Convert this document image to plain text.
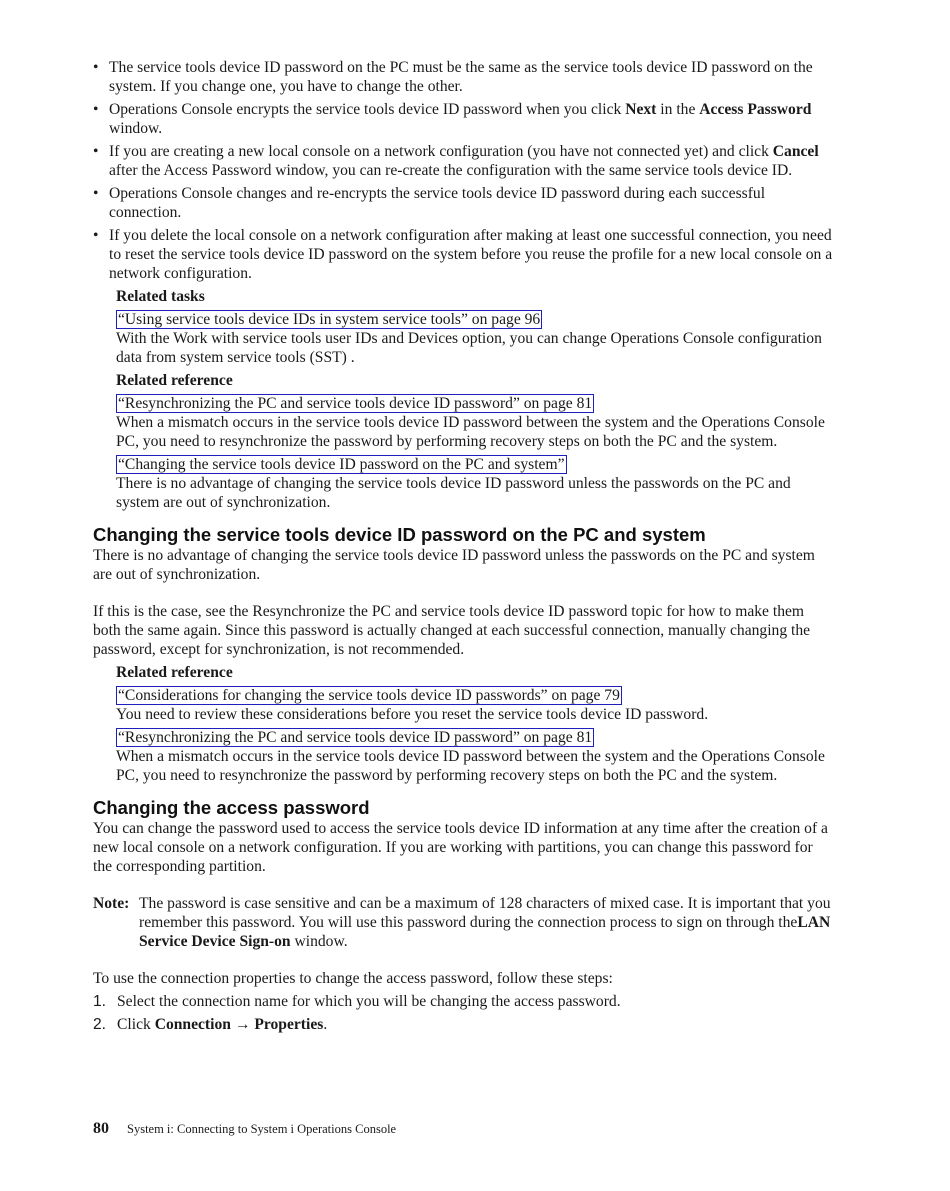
• The service tools device ID password on the PC must be the same as the service tools device ID password on the system. If you change one, you have to change the other.
• Operations Console encrypts the service tools device ID password when you click Next in the Access Password window.
• If you are creating a new local console on a network configuration (you have not connected yet) and click Cancel after the Access Password window, you can re-create the configuration with the same service tools device ID.
• Operations Console changes and re-encrypts the service tools device ID password during each successful connection.
• If you delete the local console on a network configuration after making at least one successful connection, you need to reset the service tools device ID password on the system before you reuse the profile for a new local console on a network configuration.
Related tasks
“Using service tools device IDs in system service tools” on page 96
With the Work with service tools user IDs and Devices option, you can change Operations Console configuration data from system service tools (SST) .
Related reference
“Resynchronizing the PC and service tools device ID password” on page 81
When a mismatch occurs in the service tools device ID password between the system and the Operations Console PC, you need to resynchronize the password by performing recovery steps on both the PC and the system.
“Changing the service tools device ID password on the PC and system”
There is no advantage of changing the service tools device ID password unless the passwords on the PC and system are out of synchronization.
Changing the service tools device ID password on the PC and system

There is no advantage of changing the service tools device ID password unless the passwords on the PC and system are out of synchronization.

If this is the case, see the Resynchronize the PC and service tools device ID password topic for how to make them both the same again. Since this password is actually changed at each successful connection, manually changing the password, except for synchronization, is not recommended.

Related reference
“Considerations for changing the service tools device ID passwords” on page 79
You need to review these considerations before you reset the service tools device ID password.
“Resynchronizing the PC and service tools device ID password” on page 81
When a mismatch occurs in the service tools device ID password between the system and the Operations Console PC, you need to resynchronize the password by performing recovery steps on both the PC and the system.
Changing the access password

You can change the password used to access the service tools device ID information at any time after the creation of a new local console on a network configuration. If you are working with partitions, you can change this password for the corresponding partition.

Note: The password is case sensitive and can be a maximum of 128 characters of mixed case. It is important that you remember this password. You will use this password during the connection process to sign on through theLAN Service Device Sign-on window.

To use the connection properties to change the access password, follow these steps:

1. Select the connection name for which you will be changing the access password.
2. Click Connection → Properties.
80 System i: Connecting to System i Operations Console
